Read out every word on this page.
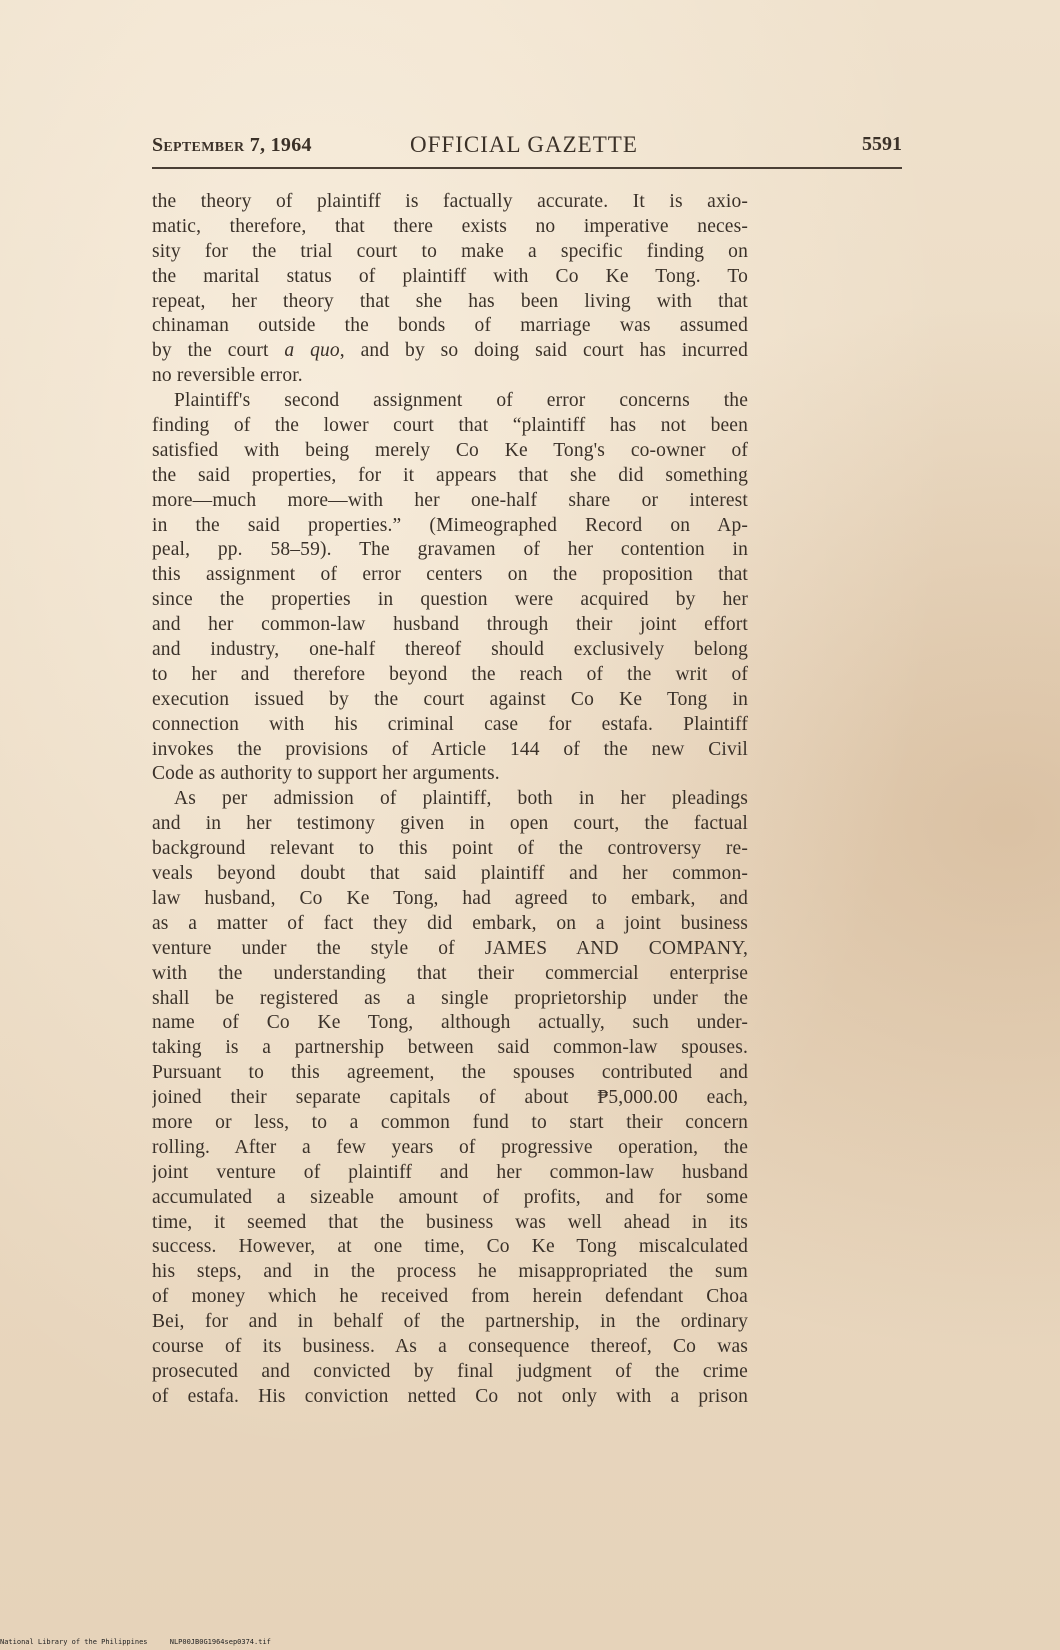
September 7, 1964	OFFICIAL GAZETTE	5591
the theory of plaintiff is factually accurate. It is axio-
matic, therefore, that there exists no imperative neces-
sity for the trial court to make a specific finding on
the marital status of plaintiff with Co Ke Tong. To
repeat, her theory that she has been living with that
chinaman outside the bonds of marriage was assumed
by the court a quo, and by so doing said court has incurred
no reversible error.
Plaintiff's second assignment of error concerns the
finding of the lower court that “plaintiff has not been
satisfied with being merely Co Ke Tong's co-owner of
the said properties, for it appears that she did something
more—much more—with her one-half share or interest
in the said properties.” (Mimeographed Record on Ap-
peal, pp. 58–59). The gravamen of her contention in
this assignment of error centers on the proposition that
since the properties in question were acquired by her
and her common-law husband through their joint effort
and industry, one-half thereof should exclusively belong
to her and therefore beyond the reach of the writ of
execution issued by the court against Co Ke Tong in
connection with his criminal case for estafa. Plaintiff
invokes the provisions of Article 144 of the new Civil
Code as authority to support her arguments.
As per admission of plaintiff, both in her pleadings
and in her testimony given in open court, the factual
background relevant to this point of the controversy re-
veals beyond doubt that said plaintiff and her common-
law husband, Co Ke Tong, had agreed to embark, and
as a matter of fact they did embark, on a joint business
venture under the style of JAMES AND COMPANY,
with the understanding that their commercial enterprise
shall be registered as a single proprietorship under the
name of Co Ke Tong, although actually, such under-
taking is a partnership between said common-law spouses.
Pursuant to this agreement, the spouses contributed and
joined their separate capitals of about ₱5,000.00 each,
more or less, to a common fund to start their concern
rolling. After a few years of progressive operation, the
joint venture of plaintiff and her common-law husband
accumulated a sizeable amount of profits, and for some
time, it seemed that the business was well ahead in its
success. However, at one time, Co Ke Tong miscalculated
his steps, and in the process he misappropriated the sum
of money which he received from herein defendant Choa
Bei, for and in behalf of the partnership, in the ordinary
course of its business. As a consequence thereof, Co was
prosecuted and convicted by final judgment of the crime
of estafa. His conviction netted Co not only with a prison
National Library of the Philippines	NLP00JB0G1964sep0374.tif
